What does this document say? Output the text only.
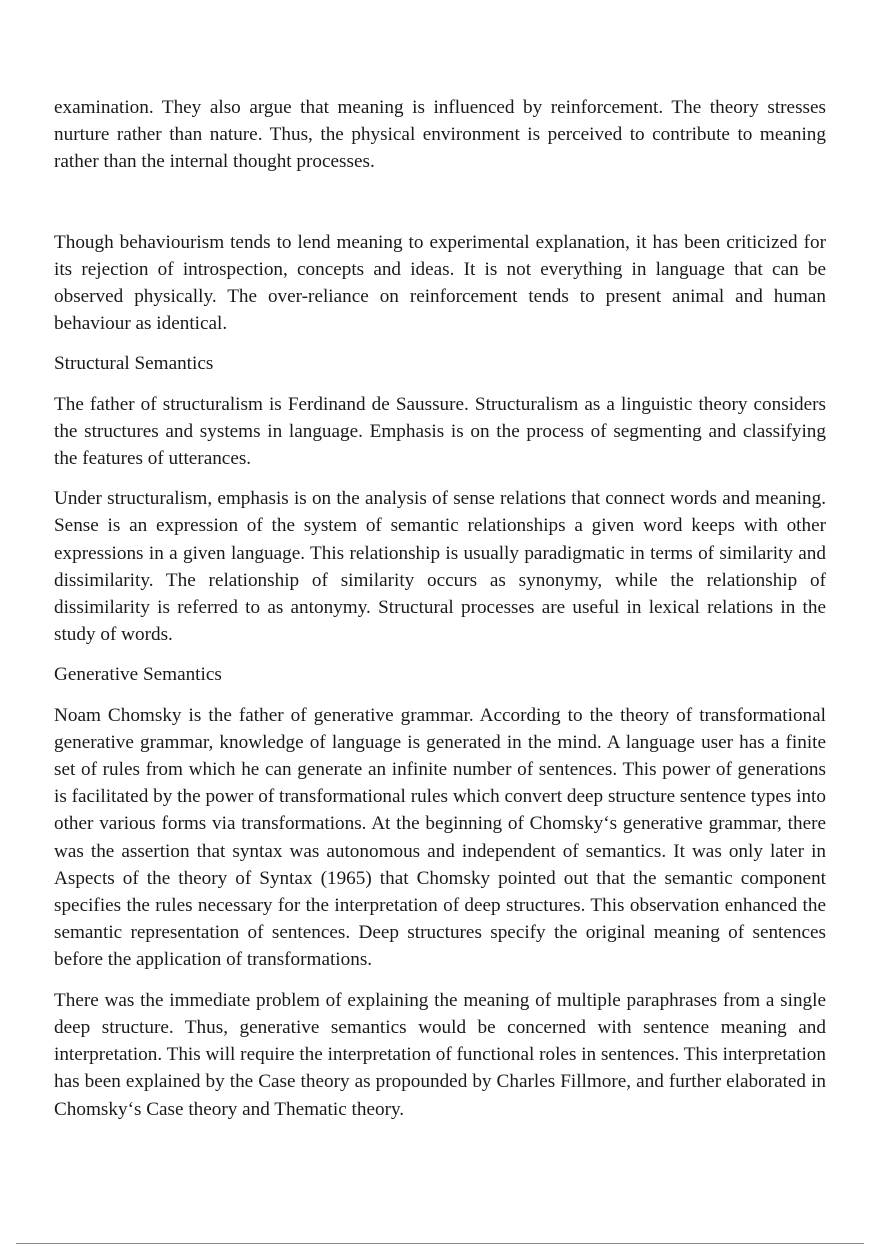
examination. They also argue that meaning is influenced by reinforcement. The theory stresses nurture rather than nature. Thus, the physical environment is perceived to contribute to meaning rather than the internal thought processes.

Though behaviourism tends to lend meaning to experimental explanation, it has been criticized for its rejection of introspection, concepts and ideas. It is not everything in language that can be observed physically. The over-reliance on reinforcement tends to present animal and human behaviour as identical.

Structural Semantics

The father of structuralism is Ferdinand de Saussure. Structuralism as a linguistic theory considers the structures and systems in language. Emphasis is on the process of segmenting and classifying the features of utterances.

Under structuralism, emphasis is on the analysis of sense relations that connect words and meaning. Sense is an expression of the system of semantic relationships a given word keeps with other expressions in a given language. This relationship is usually paradigmatic in terms of similarity and dissimilarity. The relationship of similarity occurs as synonymy, while the relationship of dissimilarity is referred to as antonymy. Structural processes are useful in lexical relations in the study of words.

Generative Semantics

Noam Chomsky is the father of generative grammar. According to the theory of transformational generative grammar, knowledge of language is generated in the mind. A language user has a finite set of rules from which he can generate an infinite number of sentences. This power of generations is facilitated by the power of transformational rules which convert deep structure sentence types into other various forms via transformations. At the beginning of Chomsky‘s generative grammar, there was the assertion that syntax was autonomous and independent of semantics. It was only later in Aspects of the theory of Syntax (1965) that Chomsky pointed out that the semantic component specifies the rules necessary for the interpretation of deep structures. This observation enhanced the semantic representation of sentences. Deep structures specify the original meaning of sentences before the application of transformations.

There was the immediate problem of explaining the meaning of multiple paraphrases from a single deep structure. Thus, generative semantics would be concerned with sentence meaning and interpretation. This will require the interpretation of functional roles in sentences. This interpretation has been explained by the Case theory as propounded by Charles Fillmore, and further elaborated in Chomsky‘s Case theory and Thematic theory.
